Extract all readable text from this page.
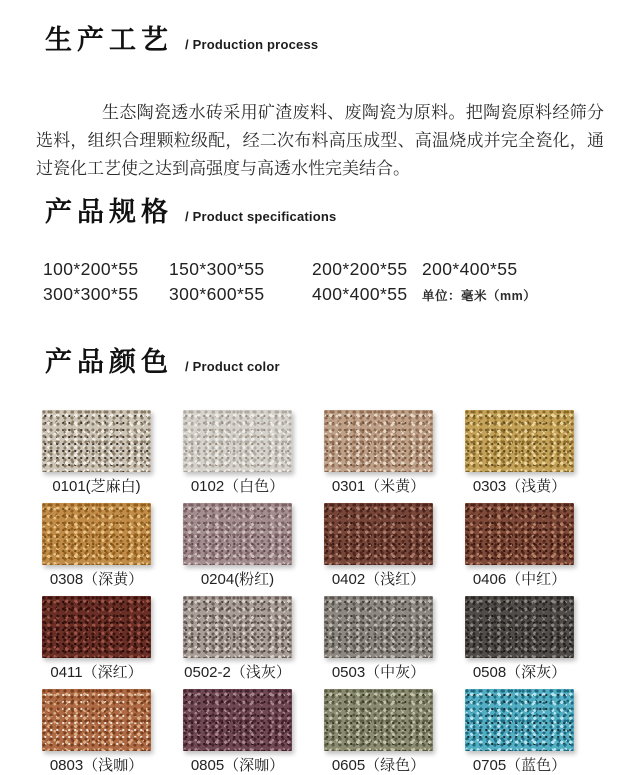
生产工艺 / Production process

生态陶瓷透水砖采用矿渣废料、废陶瓷为原料。把陶瓷原料经筛分选料，组织合理颗粒级配，经二次布料高压成型、高温烧成并完全瓷化，通过瓷化工艺使之达到高强度与高透水性完美结合。

产品规格 / Product specifications
100*200*55	150*300*55	200*200*55 200*400*55
300*300*55	300*600*55	400*400*55	单位：毫米（mm）
产品颜色 / Product color
0101(芝麻白)	0102（白色）	0301（米黄）	0303（浅黄）
0308（深黄）	0204(粉红)	0402（浅红）	0406（中红）
0411（深红）	0502-2（浅灰）	0503（中灰）	0508（深灰）
0803（浅咖）	0805（深咖）	0605（绿色）	0705（蓝色）
